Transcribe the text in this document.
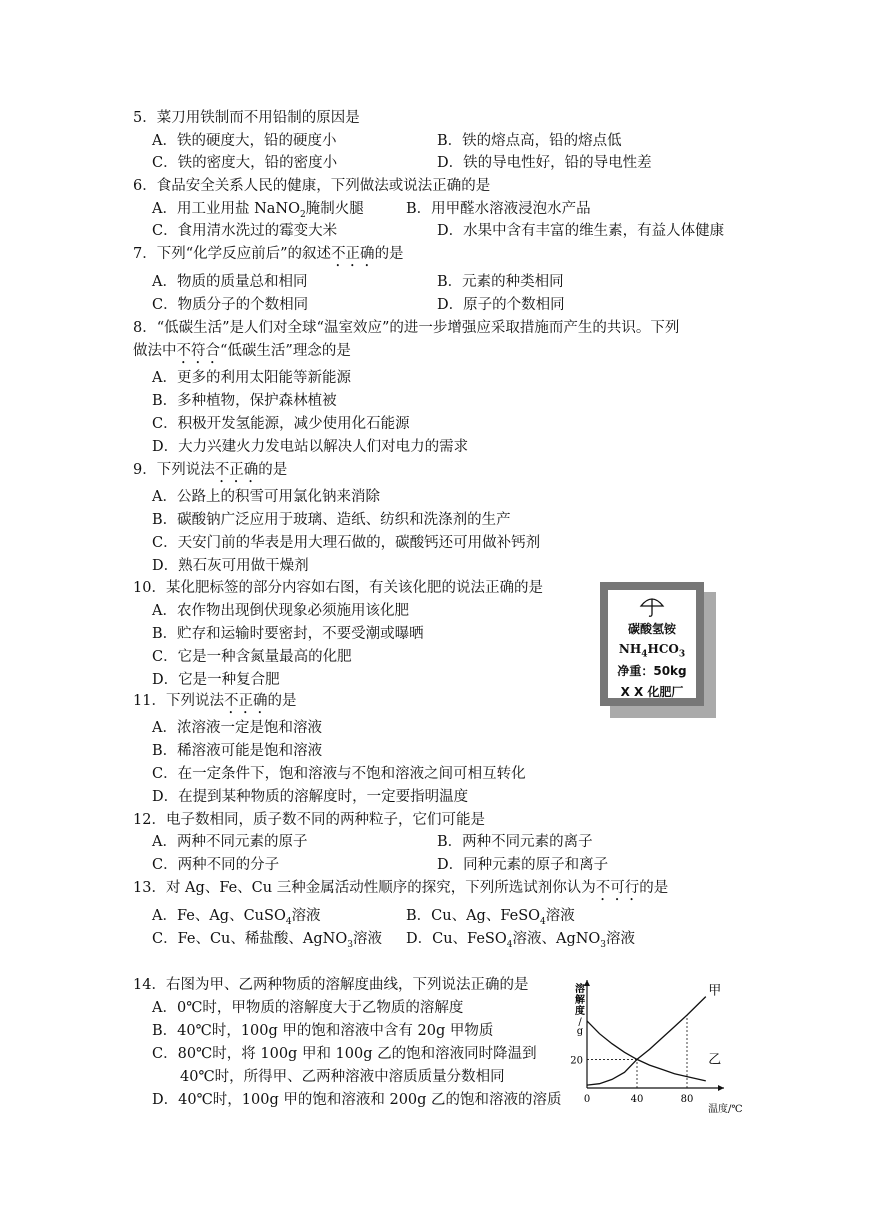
5．菜刀用铁制而不用铅制的原因是
A．铁的硬度大，铅的硬度小	B．铁的熔点高，铅的熔点低
C．铁的密度大，铅的密度小	D．铁的导电性好，铅的导电性差
6．食品安全关系人民的健康，下列做法或说法正确的是
A．用工业用盐 NaNO$_2$腌制火腿	B．用甲醛水溶液浸泡水产品
C．食用清水洗过的霉变大米	D．水果中含有丰富的维生素，有益人体健康
7．下列“化学反应前后”的叙述不正确的是
A．物质的质量总和相同	B．元素的种类相同
C．物质分子的个数相同	D．原子的个数相同
8．“低碳生活”是人们对全球“温室效应”的进一步增强应采取措施而产生的共识。下列
做法中不符合“低碳生活”理念的是
A．更多的利用太阳能等新能源
B．多种植物，保护森林植被
C．积极开发氢能源，减少使用化石能源
D．大力兴建火力发电站以解决人们对电力的需求
9．下列说法不正确的是
A．公路上的积雪可用氯化钠来消除
B．碳酸钠广泛应用于玻璃、造纸、纺织和洗涤剂的生产
C．天安门前的华表是用大理石做的，碳酸钙还可用做补钙剂
D．熟石灰可用做干燥剂
10．某化肥标签的部分内容如右图，有关该化肥的说法正确的是
A．农作物出现倒伏现象必须施用该化肥
B．贮存和运输时要密封，不要受潮或曝晒
C．它是一种含氮量最高的化肥
D．它是一种复合肥
碳酸氢铵
$NH_4HCO_3$
净重：50kg
X X 化肥厂
11．下列说法不正确的是
A．浓溶液一定是饱和溶液
B．稀溶液可能是饱和溶液
C．在一定条件下，饱和溶液与不饱和溶液之间可相互转化
D．在提到某种物质的溶解度时，一定要指明温度
12．电子数相同，质子数不同的两种粒子，它们可能是
A．两种不同元素的原子	B．两种不同元素的离子
C．两种不同的分子	D．同种元素的原子和离子
13．对 Ag、Fe、Cu 三种金属活动性顺序的探究，下列所选试剂你认为不可行的是
A．Fe、Ag、CuSO$_4$溶液	B．Cu、Ag、FeSO$_4$溶液
C．Fe、Cu、稀盐酸、AgNO$_3$溶液 D．Cu、FeSO$_4$溶液、AgNO$_3$溶液
14．右图为甲、乙两种物质的溶解度曲线，下列说法正确的是
A．0℃时，甲物质的溶解度大于乙物质的溶解度
B．40℃时，100g 甲的饱和溶液中含有 20g 甲物质
C．80℃时，将 100g 甲和 100g 乙的饱和溶液同时降温到
40℃时，所得甲、乙两种溶液中溶质质量分数相同
D．40℃时，100g 甲的饱和溶液和 200g 乙的饱和溶液的溶质
甲
乙
0	40	80
20
溶
解
度
/
g
温度/℃
